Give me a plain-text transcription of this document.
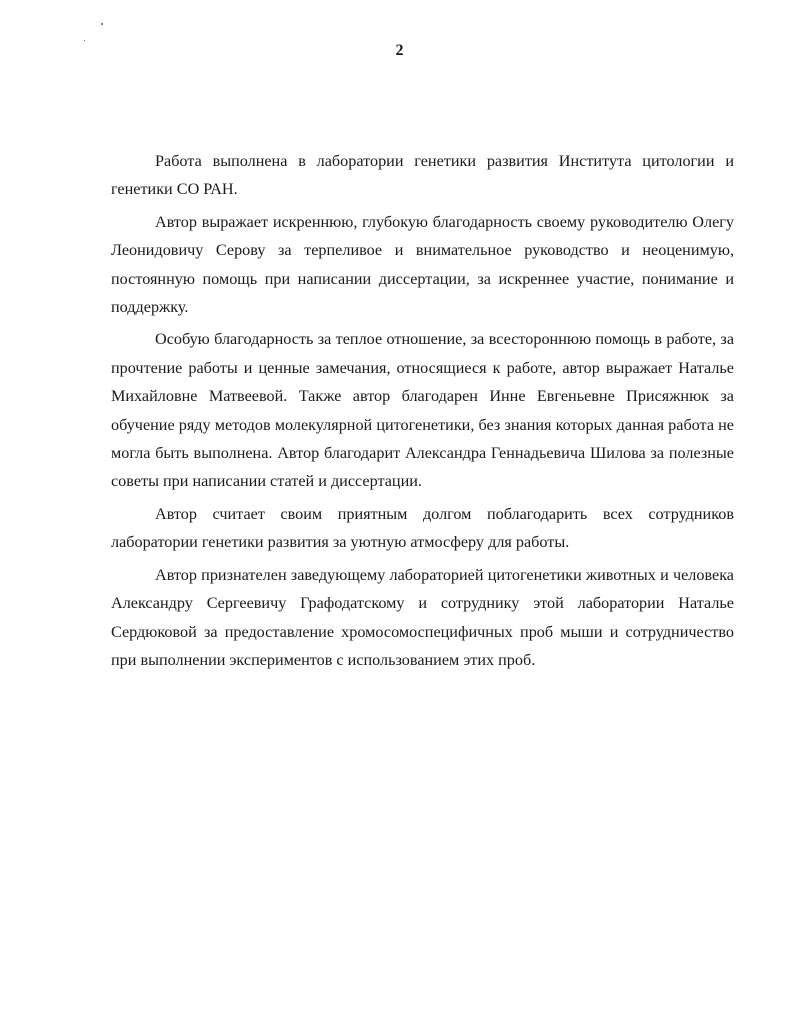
2

Работа выполнена в лаборатории генетики развития Института цитологии и генетики СО РАН.

Автор выражает искреннюю, глубокую благодарность своему руководителю Олегу Леонидовичу Серову за терпеливое и внимательное руководство и неоценимую, постоянную помощь при написании диссертации, за искреннее участие, понимание и поддержку.

Особую благодарность за теплое отношение, за всестороннюю помощь в работе, за прочтение работы и ценные замечания, относящиеся к работе, автор выражает Наталье Михайловне Матвеевой. Также автор благодарен Инне Евгеньевне Присяжнюк за обучение ряду методов молекулярной цитогенетики, без знания которых данная работа не могла быть выполнена. Автор благодарит Александра Геннадьевича Шилова за полезные советы при написании статей и диссертации.

Автор считает своим приятным долгом поблагодарить всех сотрудников лаборатории генетики развития за уютную атмосферу для работы.

Автор признателен заведующему лабораторией цитогенетики животных и человека Александру Сергеевичу Графодатскому и сотруднику этой лаборатории Наталье Сердюковой за предоставление хромосомоспецифичных проб мыши и сотрудничество при выполнении экспериментов с использованием этих проб.
